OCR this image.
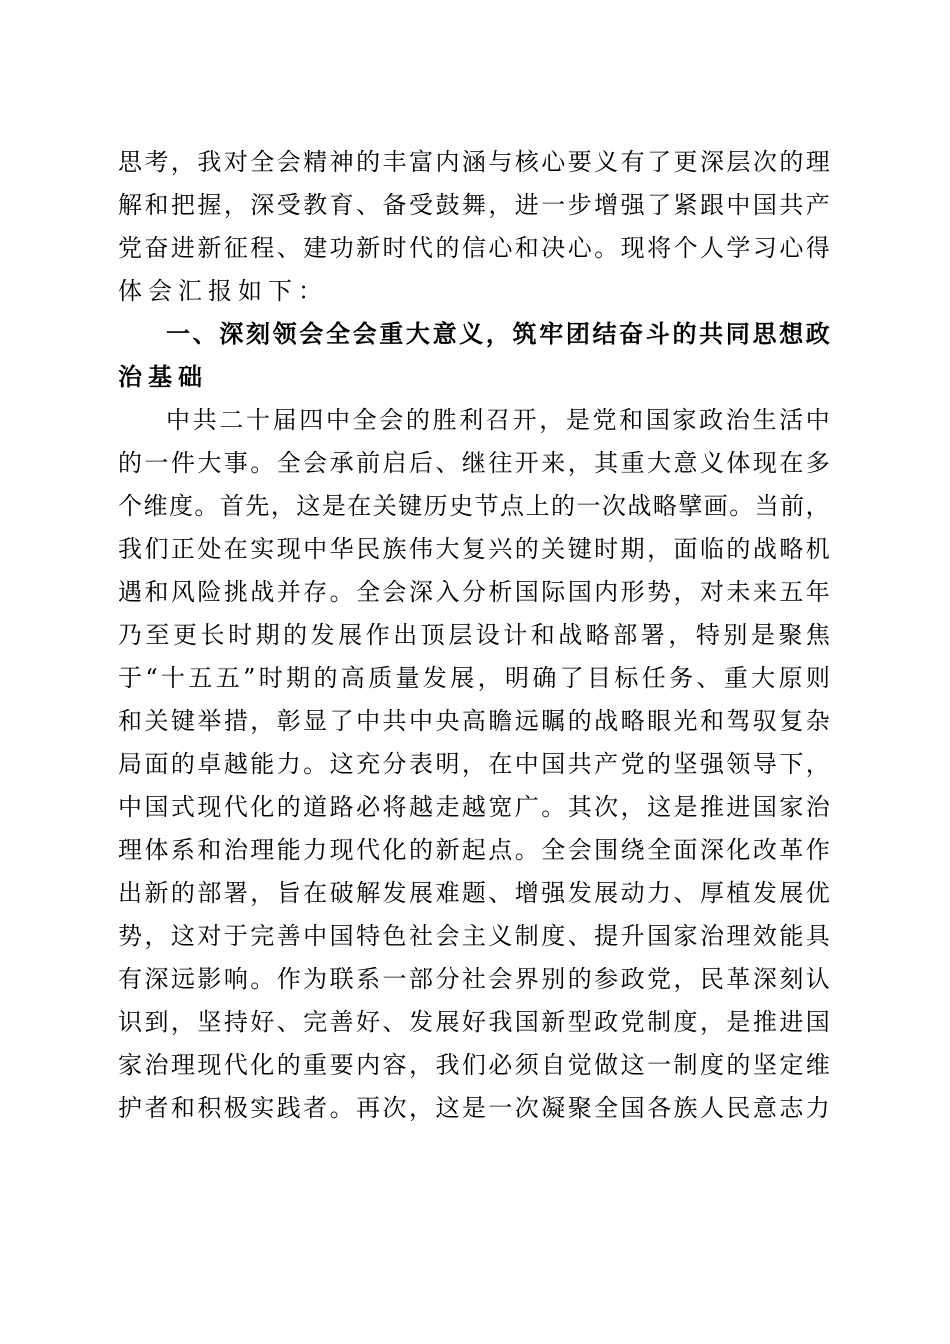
思 考 ， 我 对 全 会 精 神 的 丰 富 内 涵 与 核 心 要 义 有 了 更 深 层 次 的 理
解 和 把 握 ， 深 受 教 育 、 备 受 鼓 舞 ， 进 一 步 增 强 了 紧 跟 中 国 共 产
党 奋 进 新 征 程 、 建 功 新 时 代 的 信 心 和 决 心 。 现 将 个 人 学 习 心 得
体会汇报如下：
一 、 深 刻 领 会 全 会 重 大 意 义 ， 筑 牢 团 结 奋 斗 的 共 同 思 想 政
治基础
中 共 二 十 届 四 中 全 会 的 胜 利 召 开 ， 是 党 和 国 家 政 治 生 活 中
的 一 件 大 事 。 全 会 承 前 启 后 、 继 往 开 来 ， 其 重 大 意 义 体 现 在 多
个 维 度 。 首 先 ， 这 是 在 关 键 历 史 节 点 上 的 一 次 战 略 擘 画 。 当 前 ，
我 们 正 处 在 实 现 中 华 民 族 伟 大 复 兴 的 关 键 时 期 ， 面 临 的 战 略 机
遇 和 风 险 挑 战 并 存 。 全 会 深 入 分 析 国 际 国 内 形 势 ， 对 未 来 五 年
乃 至 更 长 时 期 的 发 展 作 出 顶 层 设 计 和 战 略 部 署 ， 特 别 是 聚 焦
于 “ 十 五 五 ” 时 期 的 高 质 量 发 展 ， 明 确 了 目 标 任 务 、 重 大 原 则
和 关 键 举 措 ， 彰 显 了 中 共 中 央 高 瞻 远 瞩 的 战 略 眼 光 和 驾 驭 复 杂
局 面 的 卓 越 能 力 。 这 充 分 表 明 ， 在 中 国 共 产 党 的 坚 强 领 导 下 ，
中 国 式 现 代 化 的 道 路 必 将 越 走 越 宽 广 。 其 次 ， 这 是 推 进 国 家 治
理 体 系 和 治 理 能 力 现 代 化 的 新 起 点 。 全 会 围 绕 全 面 深 化 改 革 作
出 新 的 部 署 ， 旨 在 破 解 发 展 难 题 、 增 强 发 展 动 力 、 厚 植 发 展 优
势 ， 这 对 于 完 善 中 国 特 色 社 会 主 义 制 度 、 提 升 国 家 治 理 效 能 具
有 深 远 影 响 。 作 为 联 系 一 部 分 社 会 界 别 的 参 政 党 ， 民 革 深 刻 认
识 到 ， 坚 持 好 、 完 善 好 、 发 展 好 我 国 新 型 政 党 制 度 ， 是 推 进 国
家 治 理 现 代 化 的 重 要 内 容 ， 我 们 必 须 自 觉 做 这 一 制 度 的 坚 定 维
护 者 和 积 极 实 践 者 。 再 次 ， 这 是 一 次 凝 聚 全 国 各 族 人 民 意 志 力
